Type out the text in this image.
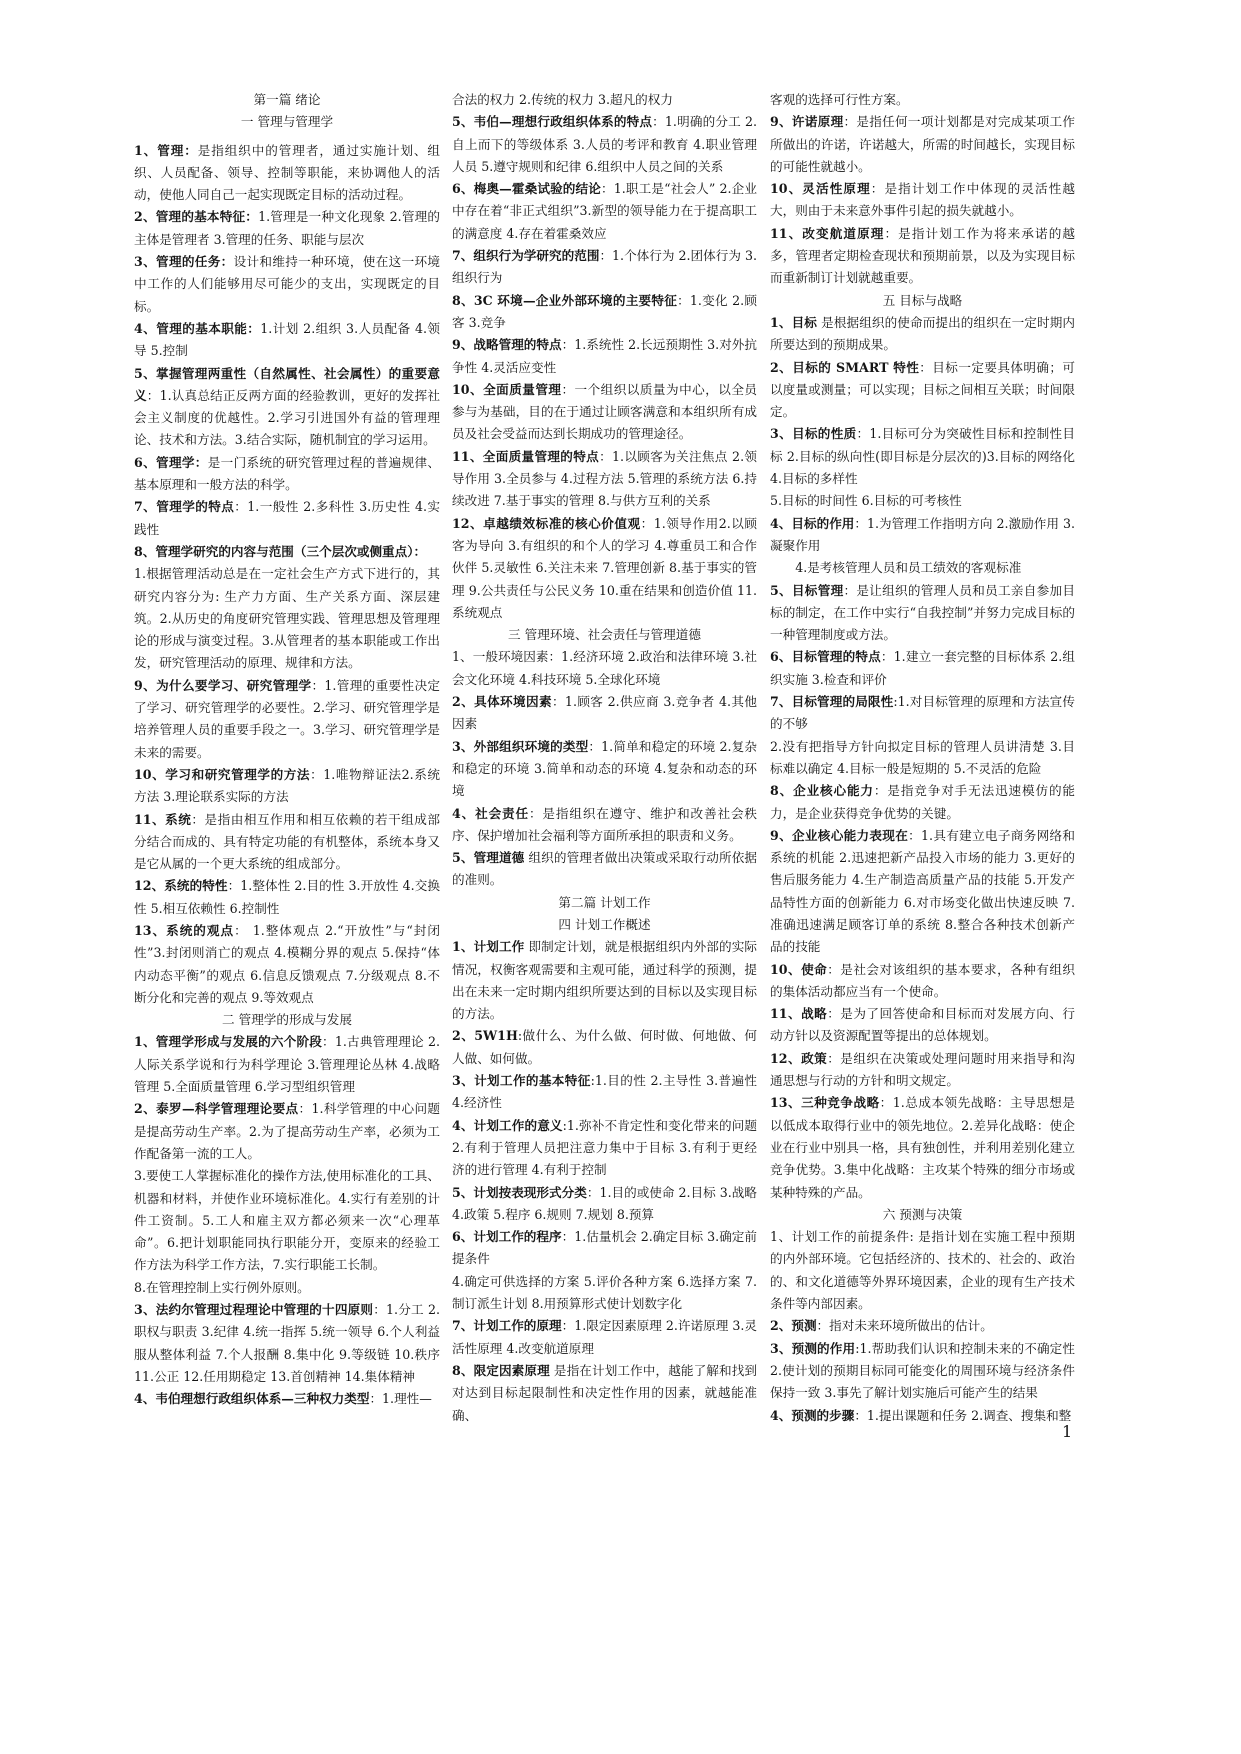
第一篇 绪论

一 管理与管理学

1、管理：是指组织中的管理者，通过实施计划、组织、人员配备、领导、控制等职能，来协调他人的活动，使他人同自己一起实现既定目标的活动过程。

2、管理的基本特征：1.管理是一种文化现象 2.管理的主体是管理者 3.管理的任务、职能与层次

3、管理的任务：设计和维持一种环境，使在这一环境中工作的人们能够用尽可能少的支出，实现既定的目标。

4、管理的基本职能：1.计划 2.组织 3.人员配备 4.领导 5.控制

5、掌握管理两重性（自然属性、社会属性）的重要意义：1.认真总结正反两方面的经验教训，更好的发挥社会主义制度的优越性。2.学习引进国外有益的管理理论、技术和方法。3.结合实际，随机制宜的学习运用。

6、管理学：是一门系统的研究管理过程的普遍规律、基本原理和一般方法的科学。

7、管理学的特点：1.一般性 2.多科性 3.历史性 4.实践性

8、管理学研究的内容与范围（三个层次或侧重点）：

1.根据管理活动总是在一定社会生产方式下进行的，其研究内容分为: 生产力方面、生产关系方面、深层建筑。2.从历史的角度研究管理实践、管理思想及管理理论的形成与演变过程。3.从管理者的基本职能或工作出发，研究管理活动的原理、规律和方法。

9、为什么要学习、研究管理学：1.管理的重要性决定了学习、研究管理学的必要性。2.学习、研究管理学是培养管理人员的重要手段之一。3.学习、研究管理学是未来的需要。

10、学习和研究管理学的方法：1.唯物辩证法2.系统方法 3.理论联系实际的方法

11、系统：是指由相互作用和相互依赖的若干组成部分结合而成的、具有特定功能的有机整体，系统本身又是它从属的一个更大系统的组成部分。

12、系统的特性：1.整体性 2.目的性 3.开放性 4.交换性 5.相互依赖性 6.控制性

13、系统的观点： 1.整体观点 2.“开放性”与“封闭性”3.封闭则消亡的观点 4.模糊分界的观点 5.保持“体内动态平衡”的观点 6.信息反馈观点 7.分级观点 8.不断分化和完善的观点 9.等效观点

二 管理学的形成与发展

1、管理学形成与发展的六个阶段：1.古典管理理论 2.人际关系学说和行为科学理论 3.管理理论丛林 4.战略管理 5.全面质量管理 6.学习型组织管理

2、泰罗—科学管理理论要点：1.科学管理的中心问题是提高劳动生产率。2.为了提高劳动生产率，必须为工作配备第一流的工人。

3.要使工人掌握标准化的操作方法,使用标准化的工具、机器和材料，并使作业环境标准化。4.实行有差别的计件工资制。5.工人和雇主双方都必须来一次“心理革命”。6.把计划职能同执行职能分开，变原来的经验工作方法为科学工作方法，7.实行职能工长制。

8.在管理控制上实行例外原则。

3、法约尔管理过程理论中管理的十四原则：1.分工 2.职权与职责 3.纪律 4.统一指挥 5.统一领导 6.个人利益服从整体利益 7.个人报酬 8.集中化 9.等级链 10.秩序 11.公正 12.任用期稳定 13.首创精神 14.集体精神

4、韦伯理想行政组织体系—三种权力类型：1.理性—

合法的权力 2.传统的权力 3.超凡的权力

5、韦伯—理想行政组织体系的特点：1.明确的分工 2.自上而下的等级体系 3.人员的考评和教育 4.职业管理人员 5.遵守规则和纪律 6.组织中人员之间的关系

6、梅奥—霍桑试验的结论：1.职工是“社会人” 2.企业中存在着“非正式组织”3.新型的领导能力在于提高职工的满意度 4.存在着霍桑效应

7、组织行为学研究的范围：1.个体行为 2.团体行为 3.组织行为

8、3C 环境—企业外部环境的主要特征：1.变化 2.顾客 3.竞争

9、战略管理的特点：1.系统性 2.长远预期性 3.对外抗争性 4.灵活应变性

10、全面质量管理：一个组织以质量为中心，以全员参与为基础，目的在于通过让顾客满意和本组织所有成员及社会受益而达到长期成功的管理途径。

11、全面质量管理的特点：1.以顾客为关注焦点 2.领导作用 3.全员参与 4.过程方法 5.管理的系统方法 6.持续改进 7.基于事实的管理 8.与供方互利的关系

12、卓越绩效标准的核心价值观：1.领导作用2.以顾客为导向 3.有组织的和个人的学习 4.尊重员工和合作伙伴 5.灵敏性 6.关注未来 7.管理创新 8.基于事实的管理 9.公共责任与公民义务 10.重在结果和创造价值 11.系统观点

三 管理环境、社会责任与管理道德

1、一般环境因素：1.经济环境 2.政治和法律环境 3.社会文化环境 4.科技环境 5.全球化环境

2、具体环境因素：1.顾客 2.供应商 3.竞争者 4.其他因素

3、外部组织环境的类型：1.简单和稳定的环境 2.复杂和稳定的环境 3.简单和动态的环境 4.复杂和动态的环境

4、社会责任：是指组织在遵守、维护和改善社会秩序、保护增加社会福利等方面所承担的职责和义务。

5、管理道德 组织的管理者做出决策或采取行动所依据的准则。

第二篇 计划工作

四 计划工作概述

1、计划工作 即制定计划，就是根据组织内外部的实际情况，权衡客观需要和主观可能，通过科学的预测，提出在未来一定时期内组织所要达到的目标以及实现目标的方法。

2、5W1H:做什么、为什么做、何时做、何地做、何人做、如何做。

3、计划工作的基本特征:1.目的性 2.主导性 3.普遍性 4.经济性

4、计划工作的意义:1.弥补不肯定性和变化带来的问题 2.有利于管理人员把注意力集中于目标 3.有利于更经济的进行管理 4.有利于控制

5、计划按表现形式分类：1.目的或使命 2.目标 3.战略 4.政策 5.程序 6.规则 7.规划 8.预算

6、计划工作的程序：1.估量机会 2.确定目标 3.确定前提条件

4.确定可供选择的方案 5.评价各种方案 6.选择方案 7.制订派生计划 8.用预算形式使计划数字化

7、计划工作的原理：1.限定因素原理 2.许诺原理 3.灵活性原理 4.改变航道原理

8、限定因素原理 是指在计划工作中，越能了解和找到对达到目标起限制性和决定性作用的因素，就越能准确、

客观的选择可行性方案。

9、许诺原理：是指任何一项计划都是对完成某项工作所做出的许诺，许诺越大，所需的时间越长，实现目标的可能性就越小。

10、灵活性原理：是指计划工作中体现的灵活性越大，则由于未来意外事件引起的损失就越小。

11、改变航道原理：是指计划工作为将来承诺的越多，管理者定期检查现状和预期前景，以及为实现目标而重新制订计划就越重要。

五 目标与战略

1、目标 是根据组织的使命而提出的组织在一定时期内所要达到的预期成果。

2、目标的 SMART 特性：目标一定要具体明确；可以度量或测量；可以实现；目标之间相互关联；时间限定。

3、目标的性质：1.目标可分为突破性目标和控制性目标 2.目标的纵向性(即目标是分层次的)3.目标的网络化 4.目标的多样性

5.目标的时间性 6.目标的可考核性

4、目标的作用：1.为管理工作指明方向 2.激励作用 3.凝聚作用

4.是考核管理人员和员工绩效的客观标准

5、目标管理：是让组织的管理人员和员工亲自参加目标的制定，在工作中实行“自我控制”并努力完成目标的一种管理制度或方法。

6、目标管理的特点：1.建立一套完整的目标体系 2.组织实施 3.检查和评价

7、目标管理的局限性:1.对目标管理的原理和方法宣传的不够

2.没有把指导方针向拟定目标的管理人员讲清楚 3.目标难以确定 4.目标一般是短期的 5.不灵活的危险

8、企业核心能力：是指竞争对手无法迅速模仿的能力，是企业获得竞争优势的关键。

9、企业核心能力表现在：1.具有建立电子商务网络和系统的机能 2.迅速把新产品投入市场的能力 3.更好的售后服务能力 4.生产制造高质量产品的技能 5.开发产品特性方面的创新能力 6.对市场变化做出快速反映 7.准确迅速满足顾客订单的系统 8.整合各种技术创新产品的技能

10、使命：是社会对该组织的基本要求，各种有组织的集体活动都应当有一个使命。

11、战略：是为了回答使命和目标而对发展方向、行动方针以及资源配置等提出的总体规划。

12、政策：是组织在决策或处理问题时用来指导和沟通思想与行动的方针和明文规定。

13、三种竞争战略：1.总成本领先战略：主导思想是以低成本取得行业中的领先地位。2.差异化战略：使企业在行业中别具一格，具有独创性，并利用差别化建立竞争优势。3.集中化战略：主攻某个特殊的细分市场或某种特殊的产品。

六 预测与决策

1、计划工作的前提条件: 是指计划在实施工程中预期的内外部环境。它包括经济的、技术的、社会的、政治的、和文化道德等外界环境因素，企业的现有生产技术条件等内部因素。

2、预测：指对未来环境所做出的估计。

3、预测的作用:1.帮助我们认识和控制未来的不确定性 2.使计划的预期目标同可能变化的周围环境与经济条件保持一致 3.事先了解计划实施后可能产生的结果

4、预测的步骤：1.提出课题和任务 2.调查、搜集和整

1
